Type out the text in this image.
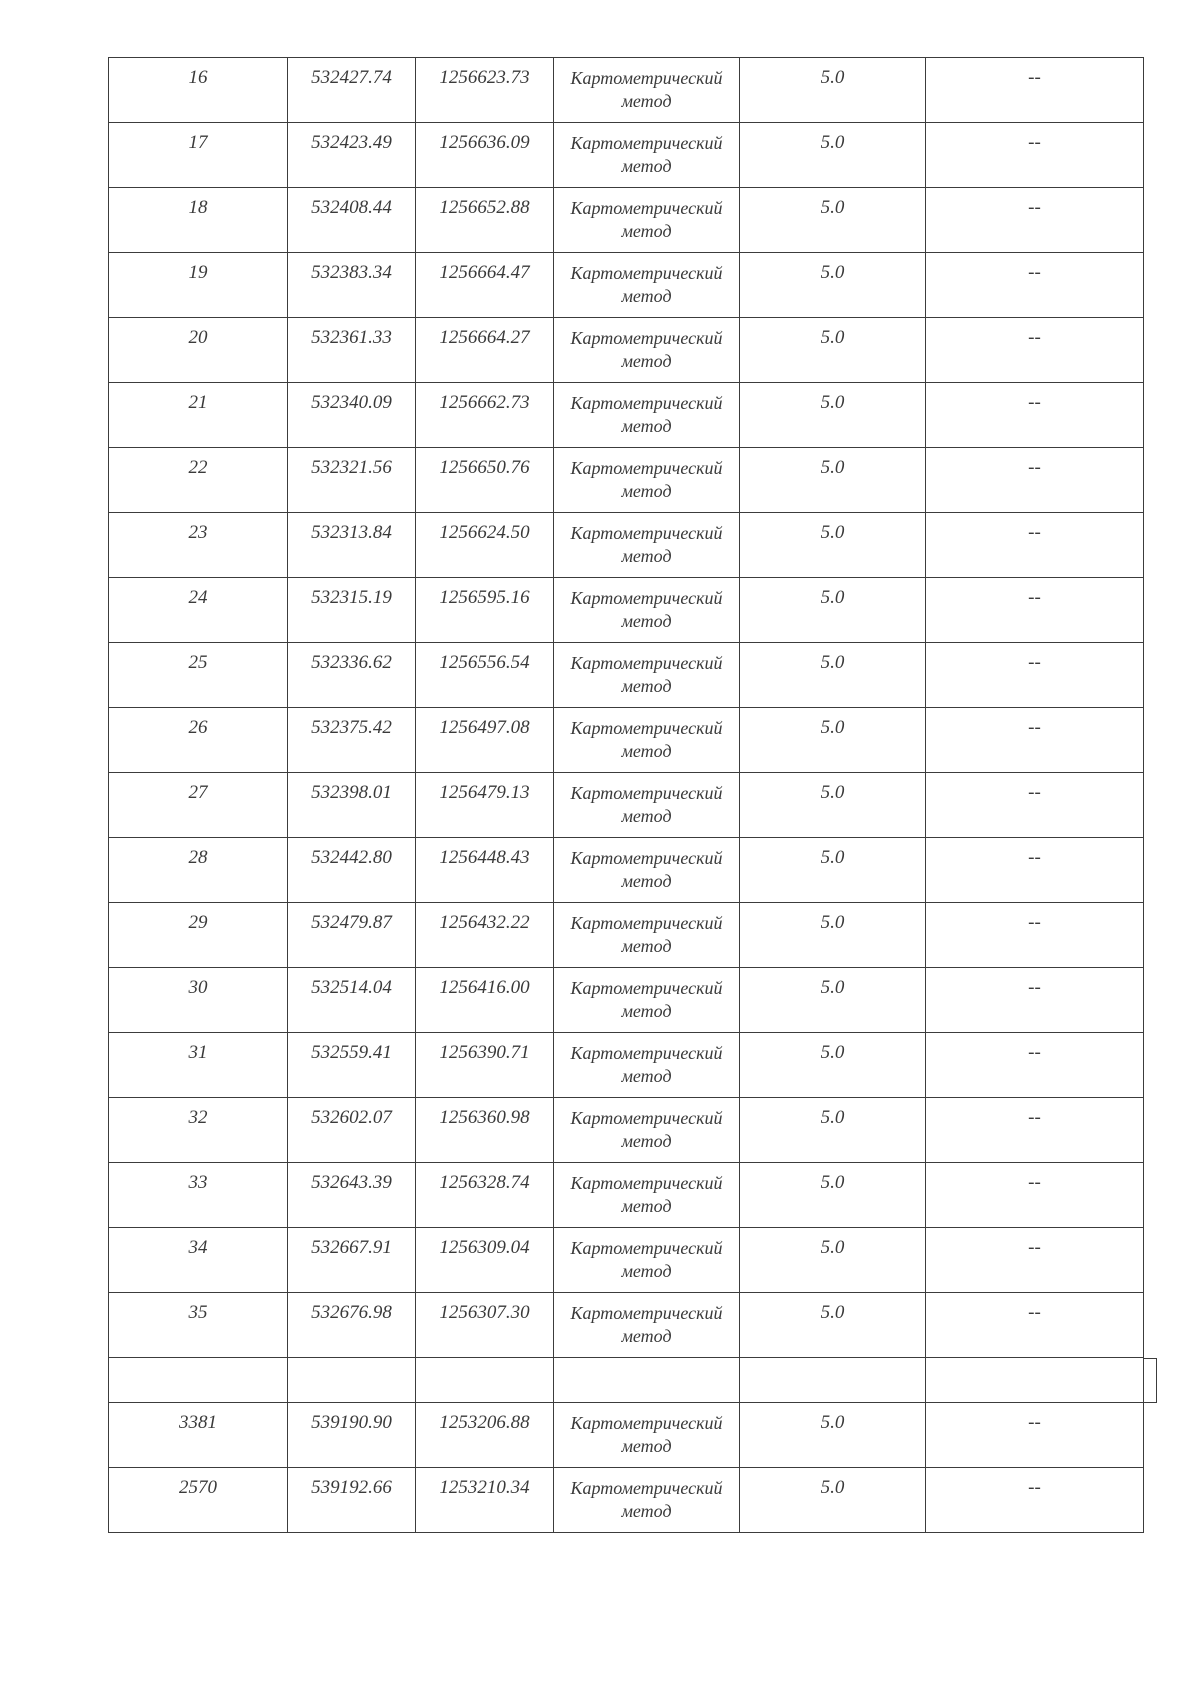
16	532427.74	1256623.73	Картометрический
метод	5.0	--

17	532423.49	1256636.09	Картометрический
метод	5.0	--

18	532408.44	1256652.88	Картометрический
метод	5.0	--

19	532383.34	1256664.47	Картометрический
метод	5.0	--

20	532361.33	1256664.27	Картометрический
метод	5.0	--

21	532340.09	1256662.73	Картометрический
метод	5.0	--

22	532321.56	1256650.76	Картометрический
метод	5.0	--

23	532313.84	1256624.50	Картометрический
метод	5.0	--

24	532315.19	1256595.16	Картометрический
метод	5.0	--

25	532336.62	1256556.54	Картометрический
метод	5.0	--

26	532375.42	1256497.08	Картометрический
метод	5.0	--

27	532398.01	1256479.13	Картометрический
метод	5.0	--

28	532442.80	1256448.43	Картометрический
метод	5.0	--

29	532479.87	1256432.22	Картометрический
метод	5.0	--

30	532514.04	1256416.00	Картометрический
метод	5.0	--

31	532559.41	1256390.71	Картометрический
метод	5.0	--

32	532602.07	1256360.98	Картометрический
метод	5.0	--

33	532643.39	1256328.74	Картометрический
метод	5.0	--

34	532667.91	1256309.04	Картометрический
метод	5.0	--

35	532676.98	1256307.30	Картометрический
метод	5.0	--

3381	539190.90	1253206.88	Картометрический
метод	5.0	--

2570	539192.66	1253210.34	Картометрический
метод	5.0	--
